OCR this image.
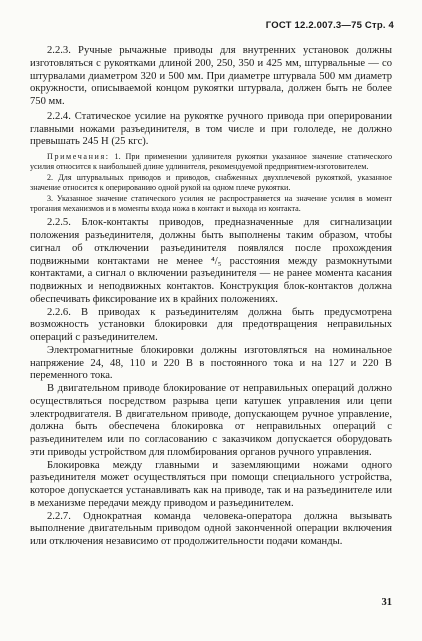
ГОСТ 12.2.007.3—75 Стр. 4

2.2.3. Ручные рычажные приводы для внутренних установок должны изготовляться с рукоятками длиной 200, 250, 350 и 425 мм, штурвальные — со штурвалами диаметром 320 и 500 мм. При диаметре штурвала 500 мм диаметр окружности, описываемой концом рукоятки штурвала, должен быть не более 750 мм.

2.2.4. Статическое усилие на рукоятке ручного привода при оперировании главными ножами разъединителя, в том числе и при гололеде, не должно превышать 245 Н (25 кгс).

Примечания: 1. При применении удлинителя рукоятки указанное значение статического усилия относится к наибольшей длине удлинителя, рекомендуемой предприятием-изготовителем.

2. Для штурвальных приводов и приводов, снабженных двухплечевой рукояткой, указанное значение относится к оперированию одной рукой на одном плече рукоятки.

3. Указанное значение статического усилия не распространяется на значение усилия в момент трогания механизмов и в моменты входа ножа в контакт и выхода из контакта.

2.2.5. Блок-контакты приводов, предназначенные для сигнализации положения разъединителя, должны быть выполнены таким образом, чтобы сигнал об отключении разъединителя появлялся после прохождения подвижными контактами не менее ⁴/₅ расстояния между размокнутыми контактами, а сигнал о включении разъединителя — не ранее момента касания подвижных и неподвижных контактов. Конструкция блок-контактов должна обеспечивать фиксирование их в крайних положениях.

2.2.6. В приводах к разъединителям должна быть предусмотрена возможность установки блокировки для предотвращения неправильных операций с разъединителем.

Электромагнитные блокировки должны изготовляться на номинальное напряжение 24, 48, 110 и 220 В в постоянного тока и на 127 и 220 В переменного тока.

В двигательном приводе блокирование от неправильных операций должно осуществляться посредством разрыва цепи катушек управления или цепи электродвигателя. В двигательном приводе, допускающем ручное управление, должна быть обеспечена блокировка от неправильных операций с разъединителем или по согласованию с заказчиком допускается оборудовать эти приводы устройством для пломбирования органов ручного управления.

Блокировка между главными и заземляющими ножами одного разъединителя может осуществляться при помощи специального устройства, которое допускается устанавливать как на приводе, так и на разъединителе или в механизме передачи между приводом и разъединителем.

2.2.7. Однократная команда человека-оператора должна вызывать выполнение двигательным приводом одной законченной операции включения или отключения независимо от продолжительности подачи команды.

31
